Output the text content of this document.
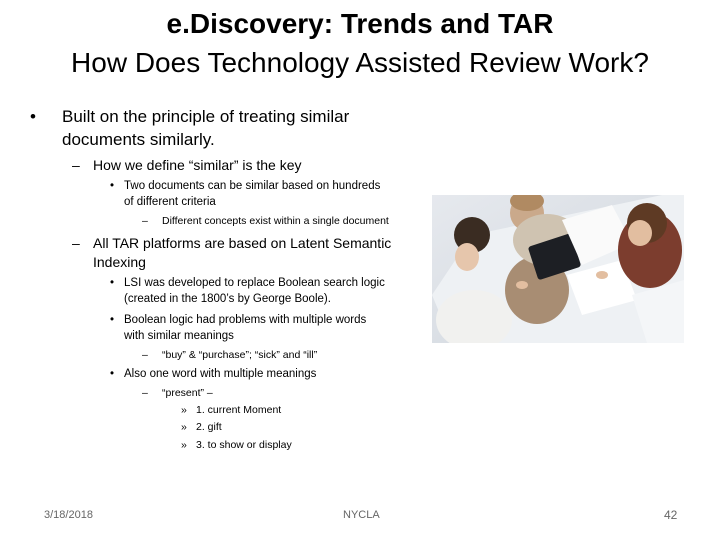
e.Discovery: Trends and TAR
How Does Technology Assisted Review Work?
• Built on the principle of treating similar
documents similarly.
– How we define “similar” is the key
• Two documents can be similar based on hundreds
of different criteria
– Different concepts exist within a single document
– All TAR platforms are based on Latent Semantic
Indexing
• LSI was developed to replace Boolean search logic
(created in the 1800’s by George Boole).
• Boolean logic had problems with multiple words
with similar meanings
– “buy” & “purchase”; “sick” and “ill”
• Also one word with multiple meanings
– “present” –
» 1. current Moment
» 2. gift
» 3. to show or display
3/18/2018	NYCLA	42
